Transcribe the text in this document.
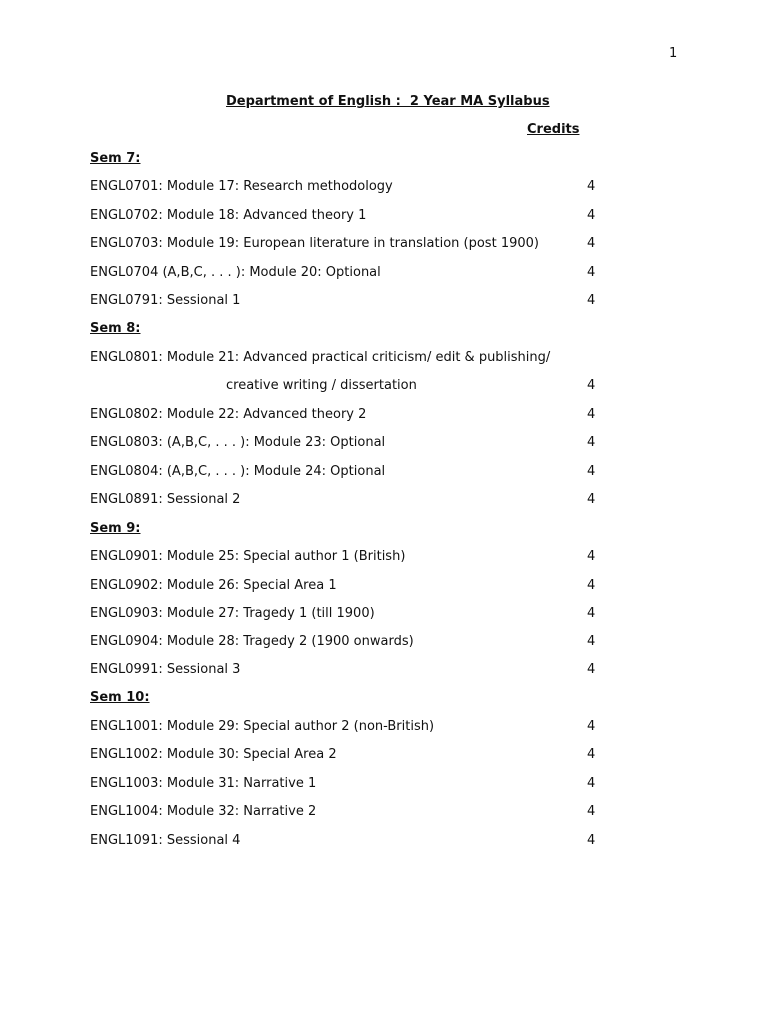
1
Department of English :  2 Year MA Syllabus
Credits
Sem 7:
ENGL0701: Module 17: Research methodology	4
ENGL0702: Module 18: Advanced theory 1	4
ENGL0703: Module 19: European literature in translation (post 1900)	4
ENGL0704 (A,B,C, . . . ): Module 20: Optional	4
ENGL0791: Sessional 1	4
Sem 8:
ENGL0801: Module 21: Advanced practical criticism/ edit & publishing/
creative writing / dissertation	4
ENGL0802: Module 22: Advanced theory 2	4
ENGL0803: (A,B,C, . . . ): Module 23: Optional	4
ENGL0804: (A,B,C, . . . ): Module 24: Optional	4
ENGL0891: Sessional 2	4
Sem 9:
ENGL0901: Module 25: Special author 1 (British)	4
ENGL0902: Module 26: Special Area 1	4
ENGL0903: Module 27: Tragedy 1 (till 1900)	4
ENGL0904: Module 28: Tragedy 2 (1900 onwards)	4
ENGL0991: Sessional 3	4
Sem 10:
ENGL1001: Module 29: Special author 2 (non-British)	4
ENGL1002: Module 30: Special Area 2	4
ENGL1003: Module 31: Narrative 1	4
ENGL1004: Module 32: Narrative 2	4
ENGL1091: Sessional 4	4
